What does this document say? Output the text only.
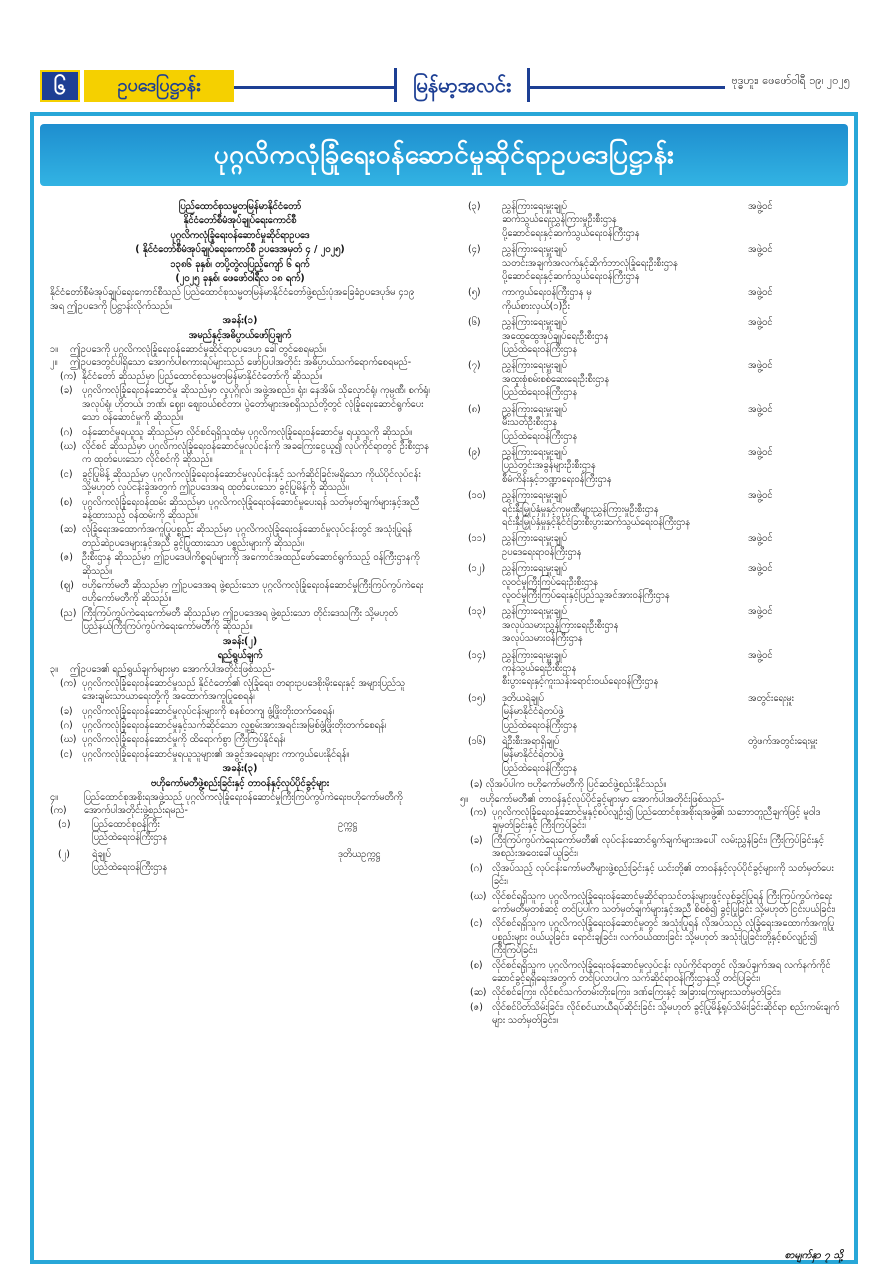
၆	ဥပဒေပြဋ္ဌာန်း	မြန်မာ့အလင်း	ဗုဒ္ဓဟူး၊ ဖေဖော်ဝါရီ ၁၉၊ ၂၀၂၅
ပုဂ္ဂလိကလုံခြုံရေးဝန်ဆောင်မှုဆိုင်ရာဥပဒေပြဋ္ဌာန်း

ပြည်ထောင်စုသမ္မတမြန်မာနိုင်ငံတော်

နိုင်ငံတော်စီမံအုပ်ချုပ်ရေးကောင်စီ

ပုဂ္ဂလိကလုံခြုံရေးဝန်ဆောင်မှုဆိုင်ရာဥပဒေ

( နိုင်ငံတော်စီမံအုပ်ချုပ်ရေးကောင်စီ ဥပဒေအမှတ် ၄ / ၂၀၂၅)

၁၃၈၆ ခုနှစ်၊ တပို့တွဲလပြည့်ကျော် ၆ ရက်

(၂၀၂၅ ခုနှစ်၊ ဖေဖော်ဝါရီလ ၁၈ ရက်)

နိုင်ငံတော်စီမံအုပ်ချုပ်ရေးကောင်စီသည် ပြည်ထောင်စုသမ္မတမြန်မာနိုင်ငံတော်ဖွဲ့စည်းပုံအခြေခံဥပဒေပုဒ်မ ၄၁၉ အရ ဤဥပဒေကို ပြဋ္ဌာန်းလိုက်သည်။

အခန်း(၁)

အမည်နှင့်အဓိပ္ပာယ်ဖော်ပြချက်

၁။	ဤဥပဒေကို ပုဂ္ဂလိကလုံခြုံရေးဝန်ဆောင်မှုဆိုင်ရာဥပဒေဟု ခေါ်တွင်စေရမည်။
၂။	ဤဥပဒေတွင်ပါရှိသော အောက်ပါစကားရပ်များသည် ဖော်ပြပါအတိုင်း အဓိပ္ပာယ်သက်ရောက်စေရမည်-
(က) နိုင်ငံတော် ဆိုသည်မှာ ပြည်ထောင်စုသမ္မတမြန်မာနိုင်ငံတော်ကို ဆိုသည်။
(ခ)	ပုဂ္ဂလိကလုံခြုံရေးဝန်ဆောင်မှု ဆိုသည်မှာ လူပုဂ္ဂိုလ်၊ အဖွဲ့အစည်း၊ ရုံး၊ နေအိမ်၊ သိုလှောင်ရုံ၊ ကုမ္ပဏီ၊ စက်ရုံ၊ အလုပ်ရုံ၊ ဟိုတယ်၊ ဘဏ်၊ ဈေး၊ စျေးဝယ်စင်တာ၊ ပွဲတော်များအစရှိသည်တို့တွင် လုံခြုံရေးဆောင်ရွက်ပေးသော ဝန်ဆောင်မှုကို ဆိုသည်။
(ဂ) ဝန်ဆောင်မှုရယူသူ ဆိုသည်မှာ လိုင်စင်ရရှိသူထံမှ ပုဂ္ဂလိကလုံခြုံရေးဝန်ဆောင်မှု ရယူသူကို ဆိုသည်။
(ဃ) လိုင်စင် ဆိုသည်မှာ ပုဂ္ဂလိကလုံခြုံရေးဝန်ဆောင်မှုလုပ်ငန်းကို အခကြေးငွေယူ၍ လုပ်ကိုင်ရာတွင် ဦးစီးဌာနက ထုတ်ပေးသော လိုင်စင်ကို ဆိုသည်။
(င)	ခွင့်ပြုမိန့် ဆိုသည်မှာ ပုဂ္ဂလိကလုံခြုံရေးဝန်ဆောင်မှုလုပ်ငန်းနှင့် သက်ဆိုင်ခြင်းမရှိသော ကိုယ်ပိုင်လုပ်ငန်း သို့မဟုတ် လုပ်ငန်းခွဲအတွက် ဤဥပဒေအရ ထုတ်ပေးသော ခွင့်ပြုမိန့်ကို ဆိုသည်။
(စ)	ပုဂ္ဂလိကလုံခြုံရေးဝန်ထမ်း ဆိုသည်မှာ ပုဂ္ဂလိကလုံခြုံရေးဝန်ဆောင်မှုပေးရန် သတ်မှတ်ချက်များနှင့်အညီ ခန့်ထားသည့် ဝန်ထမ်းကို ဆိုသည်။
(ဆ) လုံခြုံရေးအထောက်အကူပြုပစ္စည်း ဆိုသည်မှာ ပုဂ္ဂလိကလုံခြုံရေးဝန်ဆောင်မှုလုပ်ငန်းတွင် အသုံးပြုရန် တည်ဆဲဥပဒေများနှင့်အညီ ခွင့်ပြုထားသော ပစ္စည်းများကို ဆိုသည်။
(ဇ) ဦးစီးဌာန ဆိုသည်မှာ ဤဥပဒေပါကိစ္စရပ်များကို အကောင်အထည်ဖော်ဆောင်ရွက်သည့် ဝန်ကြီးဌာနကို ဆိုသည်။
(ဈ) ဗဟိုကော်မတီ ဆိုသည်မှာ ဤဥပဒေအရ ဖွဲ့စည်းသော ပုဂ္ဂလိကလုံခြုံရေးဝန်ဆောင်မှုကြီးကြပ်ကွပ်ကဲရေးဗဟိုကော်မတီကို ဆိုသည်။
(ည) ကြီးကြပ်ကွပ်ကဲရေးကော်မတီ ဆိုသည်မှာ ဤဥပဒေအရ ဖွဲ့စည်းသော တိုင်းဒေသကြီး သို့မဟုတ် ပြည်နယ်ကြီးကြပ်ကွပ်ကဲရေးကော်မတီကို ဆိုသည်။

အခန်း(၂)

ရည်ရွယ်ချက်

၃။	ဤဥပဒေ၏ ရည်ရွယ်ချက်များမှာ အောက်ပါအတိုင်းဖြစ်သည်-
(က) ပုဂ္ဂလိကလုံခြုံရေးဝန်ဆောင်မှုသည် နိုင်ငံတော်၏ လုံခြုံရေး၊ တရားဥပဒေစိုးမိုးရေးနှင့် အများပြည်သူအေးချမ်းသာယာရေးတို့ကို အထောက်အကူပြုစေရန်၊
(ခ)	ပုဂ္ဂလိကလုံခြုံရေးဝန်ဆောင်မှုလုပ်ငန်းများကို စနစ်တကျ ဖွံ့ဖြိုးတိုးတက်စေရန်၊
(ဂ) ပုဂ္ဂလိကလုံခြုံရေးဝန်ဆောင်မှုနှင့်သက်ဆိုင်သော လူ့စွမ်းအားအရင်းအမြစ်ဖွံ့ဖြိုးတိုးတက်စေရန်၊
(ဃ) ပုဂ္ဂလိကလုံခြုံရေးဝန်ဆောင်မှုကို ထိရောက်စွာ ကြီးကြပ်နိုင်ရန်၊
(င)	ပုဂ္ဂလိကလုံခြုံရေးဝန်ဆောင်မှုရယူသူများ၏ အခွင့်အရေးများ ကာကွယ်ပေးနိုင်ရန်။

အခန်း(၃)

ဗဟိုကော်မတီဖွဲ့စည်းခြင်းနှင့် တာဝန်နှင့်လုပ်ပိုင်ခွင့်များ

၄။ (က)
ပြည်ထောင်စုအစိုးရအဖွဲ့သည် ပုဂ္ဂလိကလုံခြုံရေးဝန်ဆောင်မှုကြီးကြပ်ကွပ်ကဲရေးဗဟိုကော်မတီကို အောက်ပါအတိုင်းဖွဲ့စည်းရမည်-
(၁)	ပြည်ထောင်စုဝန်ကြီး
ပြည်ထဲရေးဝန်ကြီးဌာန
ဥက္ကဋ္ဌ
(၂)	ရဲချုပ်
ပြည်ထဲရေးဝန်ကြီးဌာန
ဒုတိယဥက္ကဋ္ဌ
(၃)	ညွှန်ကြားရေးမှူးချုပ်
ဆက်သွယ်ရေးညွှန်ကြားမှုဦးစီးဌာန
ပို့ဆောင်ရေးနှင့်ဆက်သွယ်ရေးဝန်ကြီးဌာန
အဖွဲ့ဝင်
(၄)	ညွှန်ကြားရေးမှူးချုပ်
သတင်းအချက်အလက်နှင့်ဆိုက်ဘာလုံခြုံရေးဦးစီးဌာန
ပို့ဆောင်ရေးနှင့်ဆက်သွယ်ရေးဝန်ကြီးဌာန
အဖွဲ့ဝင်
(၅)	ကာကွယ်ရေးဝန်ကြီးဌာန မှ
ကိုယ်စားလှယ်(၁)ဦး
အဖွဲ့ဝင်
(၆)	ညွှန်ကြားရေးမှူးချုပ်
အထွေထွေအုပ်ချုပ်ရေးဦးစီးဌာန
ပြည်ထဲရေးဝန်ကြီးဌာန
အဖွဲ့ဝင်
(၇)	ညွှန်ကြားရေးမှူးချုပ်
အထူးစုံစမ်းစစ်ဆေးရေးဦးစီးဌာန
ပြည်ထဲရေးဝန်ကြီးဌာန
အဖွဲ့ဝင်
(၈)	ညွှန်ကြားရေးမှူးချုပ်
မီးသတ်ဦးစီးဌာန
ပြည်ထဲရေးဝန်ကြီးဌာန
အဖွဲ့ဝင်
(၉)	ညွှန်ကြားရေးမှူးချုပ်
ပြည်တွင်းအခွန်များဦးစီးဌာန
စီမံကိန်းနှင့်ဘဏ္ဍာရေးဝန်ကြီးဌာန
အဖွဲ့ဝင်
(၁၀)	ညွှန်ကြားရေးမှူးချုပ်
ရင်းနှီးမြှုပ်နှံမှုနှင့်ကုမ္ပဏီများညွှန်ကြားမှုဦးစီးဌာန
ရင်းနှီးမြှုပ်နှံမှုနှင့်နိုင်ငံခြားစီးပွားဆက်သွယ်ရေးဝန်ကြီးဌာန
အဖွဲ့ဝင်
(၁၁)	ညွှန်ကြားရေးမှူးချုပ်
ဥပဒေရေးရာဝန်ကြီးဌာန
အဖွဲ့ဝင်
(၁၂)	ညွှန်ကြားရေးမှူးချုပ်
လူဝင်မှုကြီးကြပ်ရေးဦးစီးဌာန
လူဝင်မှုကြီးကြပ်ရေးနှင့်ပြည်သူ့အင်အားဝန်ကြီးဌာန
အဖွဲ့ဝင်
(၁၃)	ညွှန်ကြားရေးမှူးချုပ်
အလုပ်သမားညွှန်ကြားရေးဦးစီးဌာန
အလုပ်သမားဝန်ကြီးဌာန
အဖွဲ့ဝင်
(၁၄)	ညွှန်ကြားရေးမှူးချုပ်
ကုန်သွယ်ရေးဦးစီးဌာန
စီးပွားရေးနှင့်ကူးသန်းရောင်းဝယ်ရေးဝန်ကြီးဌာန
အဖွဲ့ဝင်
(၁၅)	ဒုတိယရဲချုပ်
မြန်မာနိုင်ငံရဲတပ်ဖွဲ့
ပြည်ထဲရေးဝန်ကြီးဌာန
အတွင်းရေးမှူး
(၁၆)	ရဲဦးစီးအရာရှိချုပ်
မြန်မာနိုင်ငံရဲတပ်ဖွဲ့
ပြည်ထဲရေးဝန်ကြီးဌာန
တွဲဖက်အတွင်းရေးမှူး

(ခ) လိုအပ်ပါက ဗဟိုကော်မတီကို ပြင်ဆင်ဖွဲ့စည်းနိုင်သည်။

၅။	ဗဟိုကော်မတီ၏ တာဝန်နှင့်လုပ်ပိုင်ခွင့်များမှာ အောက်ပါအတိုင်းဖြစ်သည်-
(က) ပုဂ္ဂလိကလုံခြုံရေးဝန်ဆောင်မှုနှင့်စပ်လျဉ်း၍ ပြည်ထောင်စုအစိုးရအဖွဲ့၏ သဘောတူညီချက်ဖြင့် မူဝါဒချမှတ်ခြင်းနှင့် ကြီးကြပ်ခြင်း၊
(ခ)	ကြီးကြပ်ကွပ်ကဲရေးကော်မတီ၏ လုပ်ငန်းဆောင်ရွက်ချက်များအပေါ် လမ်းညွှန်ခြင်း၊ ကြီးကြပ်ခြင်းနှင့် အစည်းအဝေးခေါ်ယူခြင်း၊
(ဂ) လိုအပ်သည့် လုပ်ငန်းကော်မတီများဖွဲ့စည်းခြင်းနှင့် ယင်းတို့၏ တာဝန်နှင့်လုပ်ပိုင်ခွင့်များကို သတ်မှတ်ပေးခြင်း၊
(ဃ) လိုင်စင်ရရှိသူက ပုဂ္ဂလိကလုံခြုံရေးဝန်ဆောင်မှုဆိုင်ရာသင်တန်းများဖွင့်လှစ်ခွင့်ပြုရန် ကြီးကြပ်ကွပ်ကဲရေးကော်မတီမှတစ်ဆင့် တင်ပြပါက သတ်မှတ်ချက်များနှင့်အညီ စိစစ်၍ ခွင့်ပြုခြင်း သို့မဟုတ် ငြင်းပယ်ခြင်း၊
(င)	လိုင်စင်ရရှိသူက ပုဂ္ဂလိကလုံခြုံရေးဝန်ဆောင်မှုတွင် အသုံးပြုရန် လိုအပ်သည့် လုံခြုံရေးအထောက်အကူပြုပစ္စည်းများ ဝယ်ယူခြင်း၊ ရောင်းချခြင်း၊ လက်ဝယ်ထားခြင်း သို့မဟုတ် အသုံးပြုခြင်းတို့နှင့်စပ်လျဉ်း၍ ကြီးကြပ်ခြင်း၊
(စ)	လိုင်စင်ရရှိသူက ပုဂ္ဂလိကလုံခြုံရေးဝန်ဆောင်မှုလုပ်ငန်း လုပ်ကိုင်ရာတွင် လိုအပ်ချက်အရ လက်နက်ကိုင်ဆောင်ခွင့်ရရှိရေးအတွက် တင်ပြလာပါက သက်ဆိုင်ရာဝန်ကြီးဌာနသို့ တင်ပြခြင်း၊
(ဆ) လိုင်စင်ကြေး၊ လိုင်စင်သက်တမ်းတိုးကြေး၊ ဒဏ်ကြေးနှင့် အခြားကြေးများသတ်မှတ်ခြင်း၊
(ဇ) လိုင်စင်ပိတ်သိမ်းခြင်း၊ လိုင်စင်ယာယီရပ်ဆိုင်းခြင်း သို့မဟုတ် ခွင့်ပြုမိန့်ရုပ်သိမ်းခြင်းဆိုင်ရာ စည်းကမ်းချက်များ သတ်မှတ်ခြင်း။
စာမျက်နှာ ၇ သို့
